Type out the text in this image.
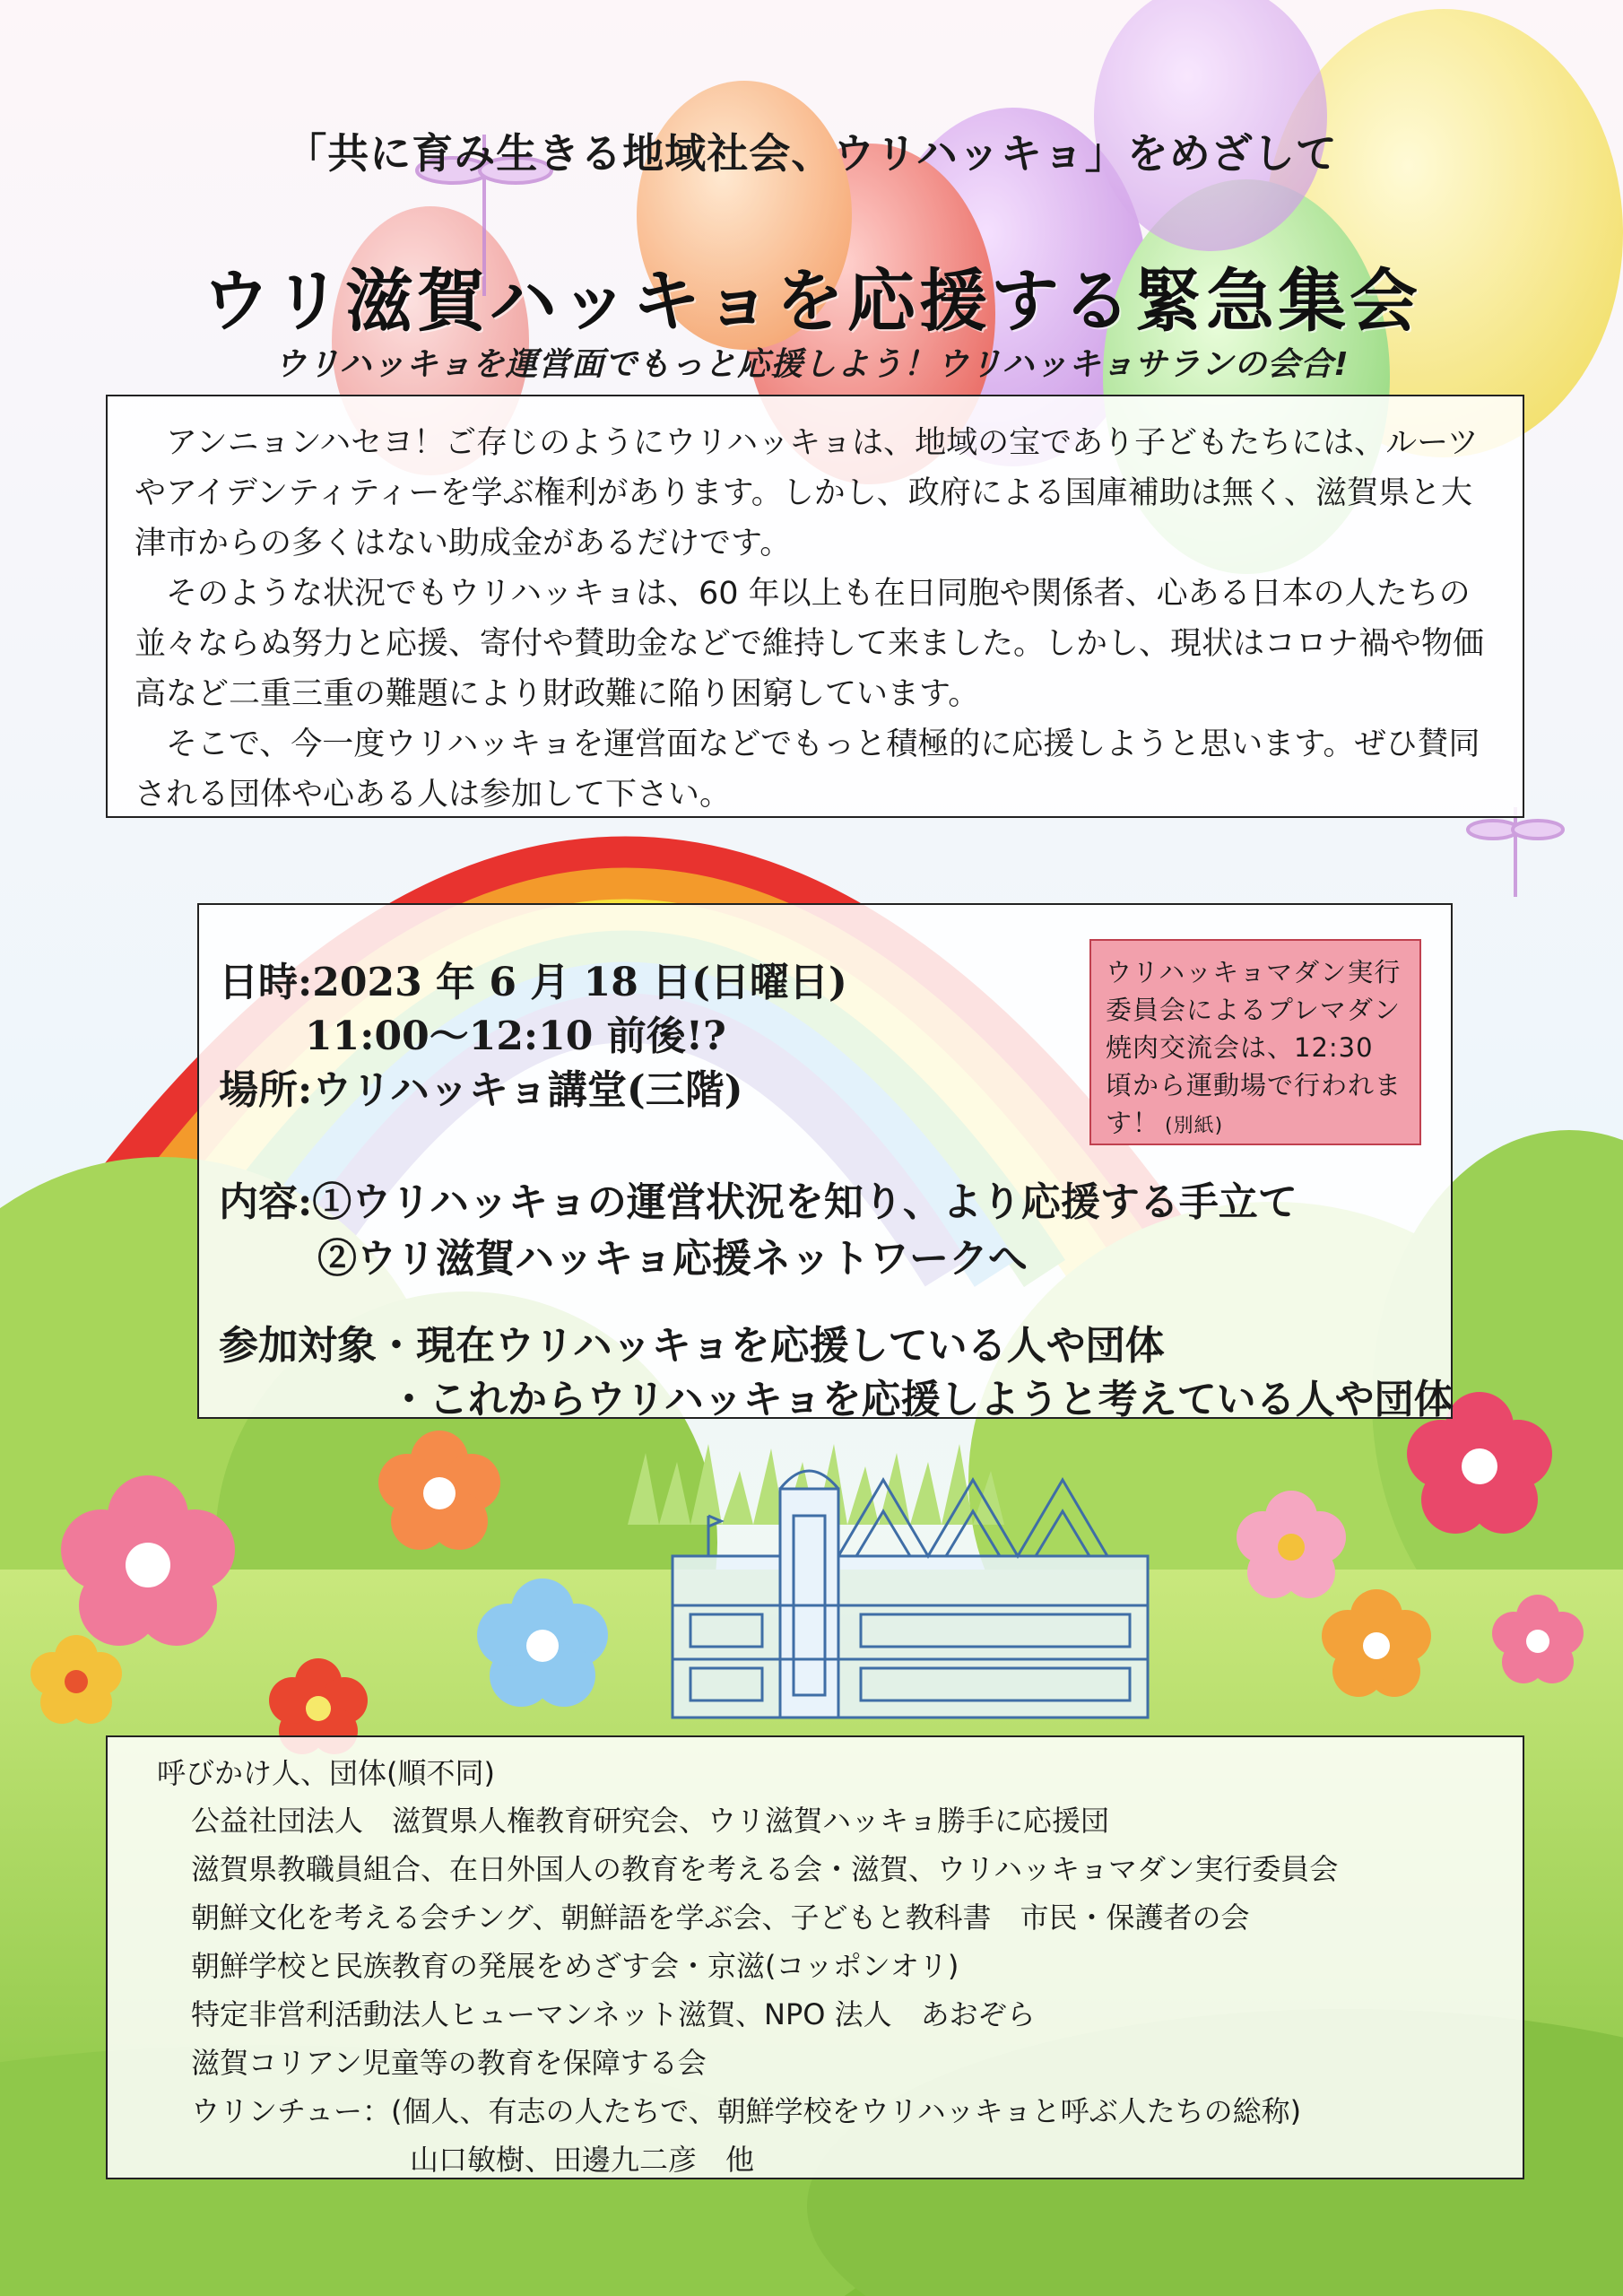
「共に育み生きる地域社会、ウリハッキョ」をめざして
ウリ滋賀ハッキョを応援する緊急集会
ウリハッキョを運営面でもっと応援しよう！ウリハッキョサランの会合!

アンニョンハセヨ！ご存じのようにウリハッキョは、地域の宝であり子どもたちには、ルーツやアイデンティティーを学ぶ権利があります。しかし、政府による国庫補助は無く、滋賀県と大津市からの多くはない助成金があるだけです。

そのような状況でもウリハッキョは、60 年以上も在日同胞や関係者、心ある日本の人たちの並々ならぬ努力と応援、寄付や賛助金などで維持して来ました。しかし、現状はコロナ禍や物価高など二重三重の難題により財政難に陥り困窮しています。

そこで、今一度ウリハッキョを運営面などでもっと積極的に応援しようと思います。ぜひ賛同される団体や心ある人は参加して下さい。

日時:2023 年 6 月 18 日(日曜日)
11:00～12:10 前後!?
場所:ウリハッキョ講堂(三階)
内容:①ウリハッキョの運営状況を知り、より応援する手立て
②ウリ滋賀ハッキョ応援ネットワークへ
参加対象・現在ウリハッキョを応援している人や団体
・これからウリハッキョを応援しようと考えている人や団体
ウリハッキョマダン実行委員会によるプレマダン焼肉交流会は、12:30 頃から運動場で行われます！ (別紙)
呼びかけ人、団体(順不同)
公益社団法人　滋賀県人権教育研究会、ウリ滋賀ハッキョ勝手に応援団
滋賀県教職員組合、在日外国人の教育を考える会・滋賀、ウリハッキョマダン実行委員会
朝鮮文化を考える会チング、朝鮮語を学ぶ会、子どもと教科書　市民・保護者の会
朝鮮学校と民族教育の発展をめざす会・京滋(コッポンオリ)
特定非営利活動法人ヒューマンネット滋賀、NPO 法人　あおぞら
滋賀コリアン児童等の教育を保障する会
ウリンチュー：(個人、有志の人たちで、朝鮮学校をウリハッキョと呼ぶ人たちの総称)
山口敏樹、田邊九二彦　他
